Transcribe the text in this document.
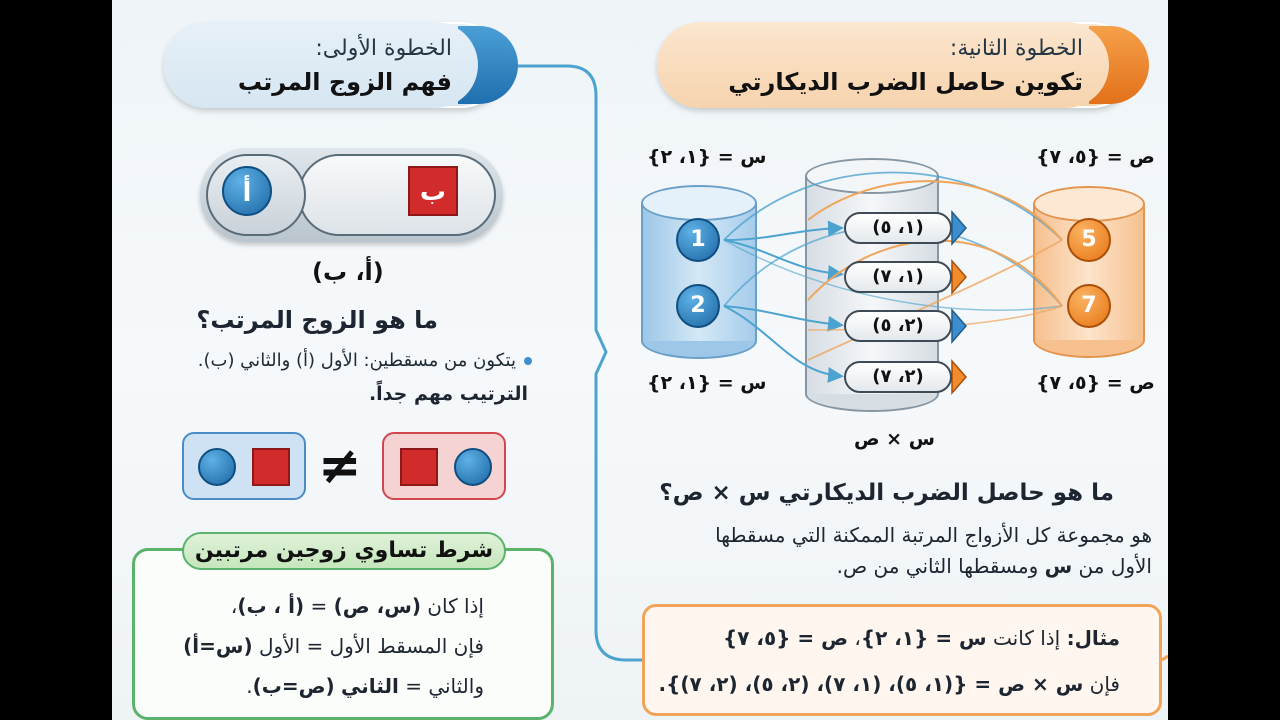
الخطوة الأولى:
فهم الزوج المرتب
الخطوة الثانية:
تكوين حاصل الضرب الديكارتي
أ	ب
(أ، ب)
ما هو الزوج المرتب؟
يتكون من مسقطين: الأول (أ) والثاني (ب).
الترتيب مهم جداً.
≠
شرط تساوي زوجين مرتبين
إذا كان (س، ص) = (أ ، ب)،
فإن المسقط الأول = الأول (س=أ)
والثاني = الثاني (ص=ب).
1
2
5
7
(١، ٥)
(١، ٧)
(٢، ٥)
(٢، ٧)
س = {١، ٢}
س = {١، ٢}
ص = {٥، ٧}
ص = {٥، ٧}
س × ص
ما هو حاصل الضرب الديكارتي س × ص؟
هو مجموعة كل الأزواج المرتبة الممكنة التي مسقطها
الأول من س ومسقطها الثاني من ص.
مثال: إذا كانت س = {١، ٢}، ص = {٥، ٧}
فإن س × ص = {(١، ٥)، (١، ٧)، (٢، ٥)، (٢، ٧)}.
